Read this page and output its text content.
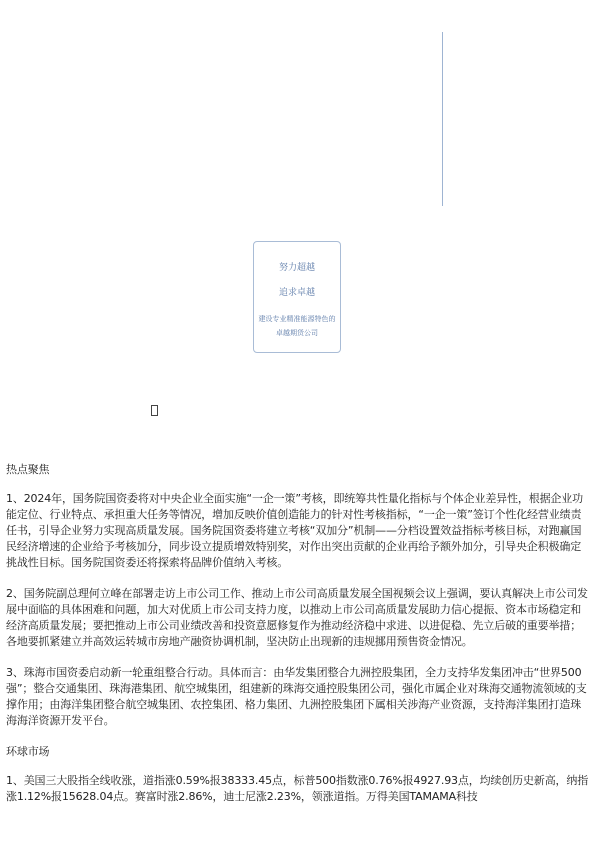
努力超越
追求卓越
建设专业精准能源特色的卓越期货公司
热点聚焦
1、2024年，国务院国资委将对中央企业全面实施“一企一策”考核，即统筹共性量化指标与个体企业差异性，根据企业功能定位、行业特点、承担重大任务等情况，增加反映价值创造能力的针对性考核指标，“一企一策”签订个性化经营业绩责任书，引导企业努力实现高质量发展。国务院国资委将建立考核“双加分”机制——分档设置效益指标考核目标，对跑赢国民经济增速的企业给予考核加分，同步设立提质增效特别奖，对作出突出贡献的企业再给予额外加分，引导央企积极确定挑战性目标。国务院国资委还将探索将品牌价值纳入考核。
2、国务院副总理何立峰在部署走访上市公司工作、推动上市公司高质量发展全国视频会议上强调，要认真解决上市公司发展中面临的具体困难和问题，加大对优质上市公司支持力度，以推动上市公司高质量发展助力信心提振、资本市场稳定和经济高质量发展；要把推动上市公司业绩改善和投资意愿修复作为推动经济稳中求进、以进促稳、先立后破的重要举措；各地要抓紧建立并高效运转城市房地产融资协调机制，坚决防止出现新的违规挪用预售资金情况。
3、珠海市国资委启动新一轮重组整合行动。具体而言：由华发集团整合九洲控股集团，全力支持华发集团冲击“世界500强”；整合交通集团、珠海港集团、航空城集团，组建新的珠海交通控股集团公司，强化市属企业对珠海交通物流领域的支撑作用；由海洋集团整合航空城集团、农控集团、格力集团、九洲控股集团下属相关涉海产业资源，支持海洋集团打造珠海海洋资源开发平台。
环球市场
1、美国三大股指全线收涨，道指涨0.59%报38333.45点，标普500指数涨0.76%报4927.93点，均续创历史新高，纳指涨1.12%报15628.04点。赛富时涨2.86%，迪士尼涨2.23%，领涨道指。万得美国TAMAMA科技
